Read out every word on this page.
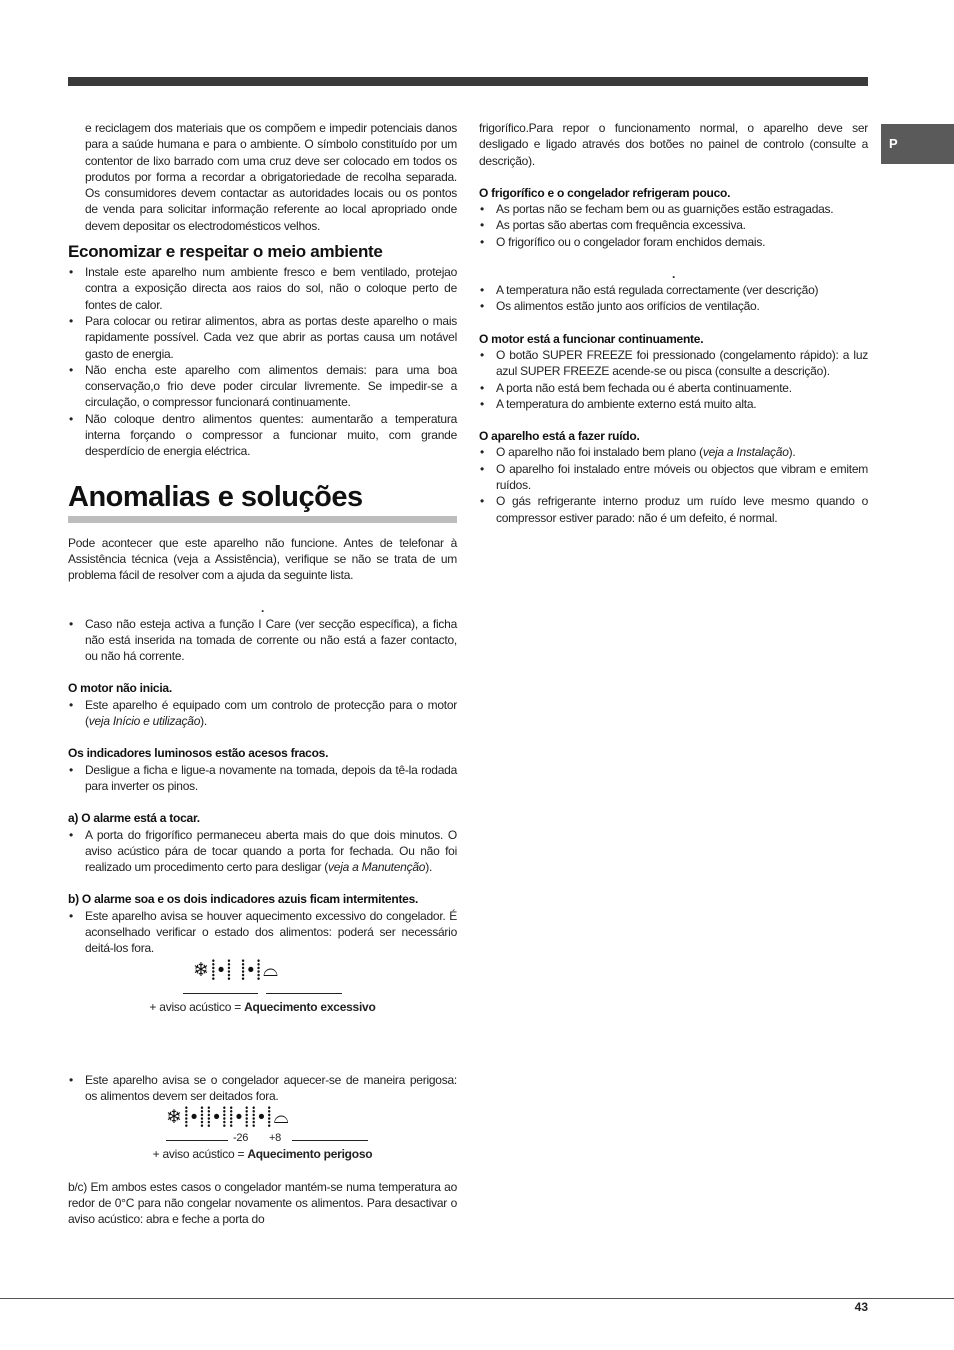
P

e reciclagem dos materiais que os compõem e impedir potenciais danos para a saúde humana e para o ambiente. O símbolo constituído por um contentor de lixo barrado com uma cruz deve ser colocado em todos os produtos por forma a recordar a obrigatoriedade de recolha separada. Os consumidores devem contactar as autoridades locais ou os pontos de venda para solicitar informação referente ao local apropriado onde devem depositar os electrodomésticos velhos.

Economizar e respeitar o meio ambiente
• Instale este aparelho num ambiente fresco e bem ventilado, protejao contra a exposição directa aos raios do sol, não o coloque perto de fontes de calor.
• Para colocar ou retirar alimentos, abra as portas deste aparelho o mais rapidamente possível. Cada vez que abrir as portas causa um notável gasto de energia.
• Não encha este aparelho com alimentos demais: para uma boa conservação,o frio deve poder circular livremente. Se impedir-se a circulação, o compressor funcionará continuamente.
• Não coloque dentro alimentos quentes: aumentarão a temperatura interna forçando o compressor a funcionar muito, com grande desperdício de energia eléctrica.
Anomalias e soluções

Pode acontecer que este aparelho não funcione. Antes de telefonar à Assistência técnica (veja a Assistência), verifique se não se trata de um problema fácil de resolver com a ajuda da seguinte lista.

.
• Caso não esteja activa a função I Care (ver secção específica), a ficha não está inserida na tomada de corrente ou não está a fazer contacto, ou não há corrente.
O motor não inicia.
• Este aparelho é equipado com um controlo de protecção para o motor (veja Início e utilização).
Os indicadores luminosos estão acesos fracos.
• Desligue a ficha e ligue-a novamente na tomada, depois da tê-la rodada para inverter os pinos.
a) O alarme está a tocar.
• A porta do frigorífico permaneceu aberta mais do que dois minutos. O aviso acústico pára de tocar quando a porta for fechada. Ou não foi realizado um procedimento certo para desligar (veja a Manutenção).
b) O alarme soa e os dois indicadores azuis ficam intermitentes.
• Este aparelho avisa se houver aquecimento excessivo do congelador. É aconselhado verificar o estado dos alimentos: poderá ser necessário deitá-los fora.
❄⸽•⸽ ⸽•⸽⌓
+ aviso acústico = Aquecimento excessivo
• Este aparelho avisa se o congelador aquecer-se de maneira perigosa: os alimentos devem ser deitados fora.
❄⸽•⸽⸽•⸽⸽•⸽⸽•⸽⌓
-26 +8
+ aviso acústico = Aquecimento perigoso

b/c) Em ambos estes casos o congelador mantém-se numa temperatura ao redor de 0°C para não congelar novamente os alimentos. Para desactivar o aviso acústico: abra e feche a porta do

frigorífico.Para repor o funcionamento normal, o aparelho deve ser desligado e ligado através dos botões no painel de controlo (consulte a descrição).

O frigorífico e o congelador refrigeram pouco.
• As portas não se fecham bem ou as guarnições estão estragadas.
• As portas são abertas com frequência excessiva.
• O frigorífico ou o congelador foram enchidos demais.
.
• A temperatura não está regulada correctamente (ver descrição)
• Os alimentos estão junto aos orifícios de ventilação.
O motor está a funcionar continuamente.
• O botão SUPER FREEZE foi pressionado (congelamento rápido): a luz azul SUPER FREEZE acende-se ou pisca (consulte a descrição).
• A porta não está bem fechada ou é aberta continuamente.
• A temperatura do ambiente externo está muito alta.
O aparelho está a fazer ruído.
• O aparelho não foi instalado bem plano (veja a Instalação).
• O aparelho foi instalado entre móveis ou objectos que vibram e emitem ruídos.
• O gás refrigerante interno produz um ruído leve mesmo quando o compressor estiver parado: não é um defeito, é normal.
43
